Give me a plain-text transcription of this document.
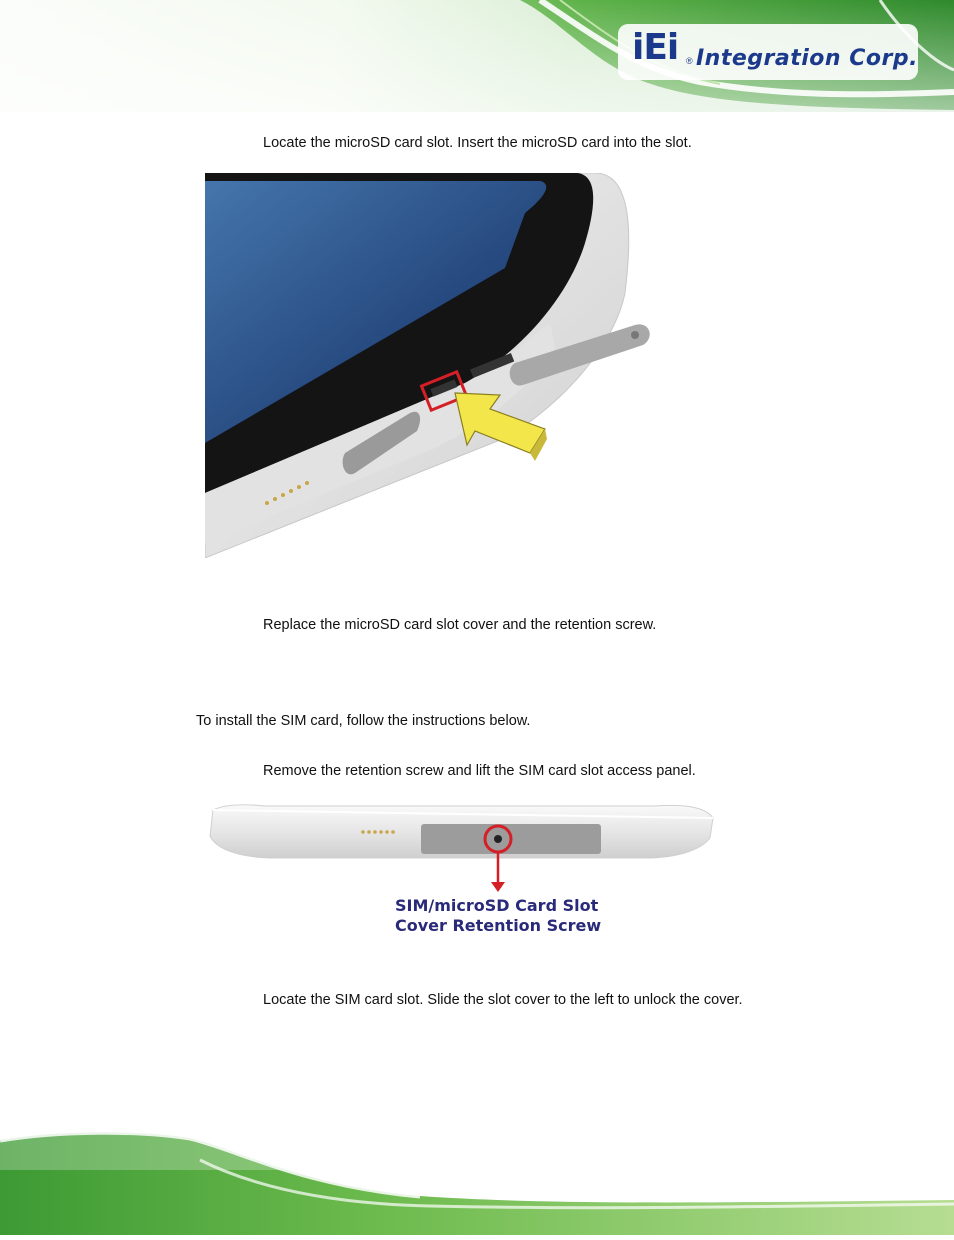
iEi ® Integration Corp.
Locate the microSD card slot. Insert the microSD card into the slot.
Replace the microSD card slot cover and the retention screw.
To install the SIM card, follow the instructions below.
Remove the retention screw and lift the SIM card slot access panel.
SIM/microSD Card Slot
Cover Retention Screw
Locate the SIM card slot. Slide the slot cover to the left to unlock the cover.
